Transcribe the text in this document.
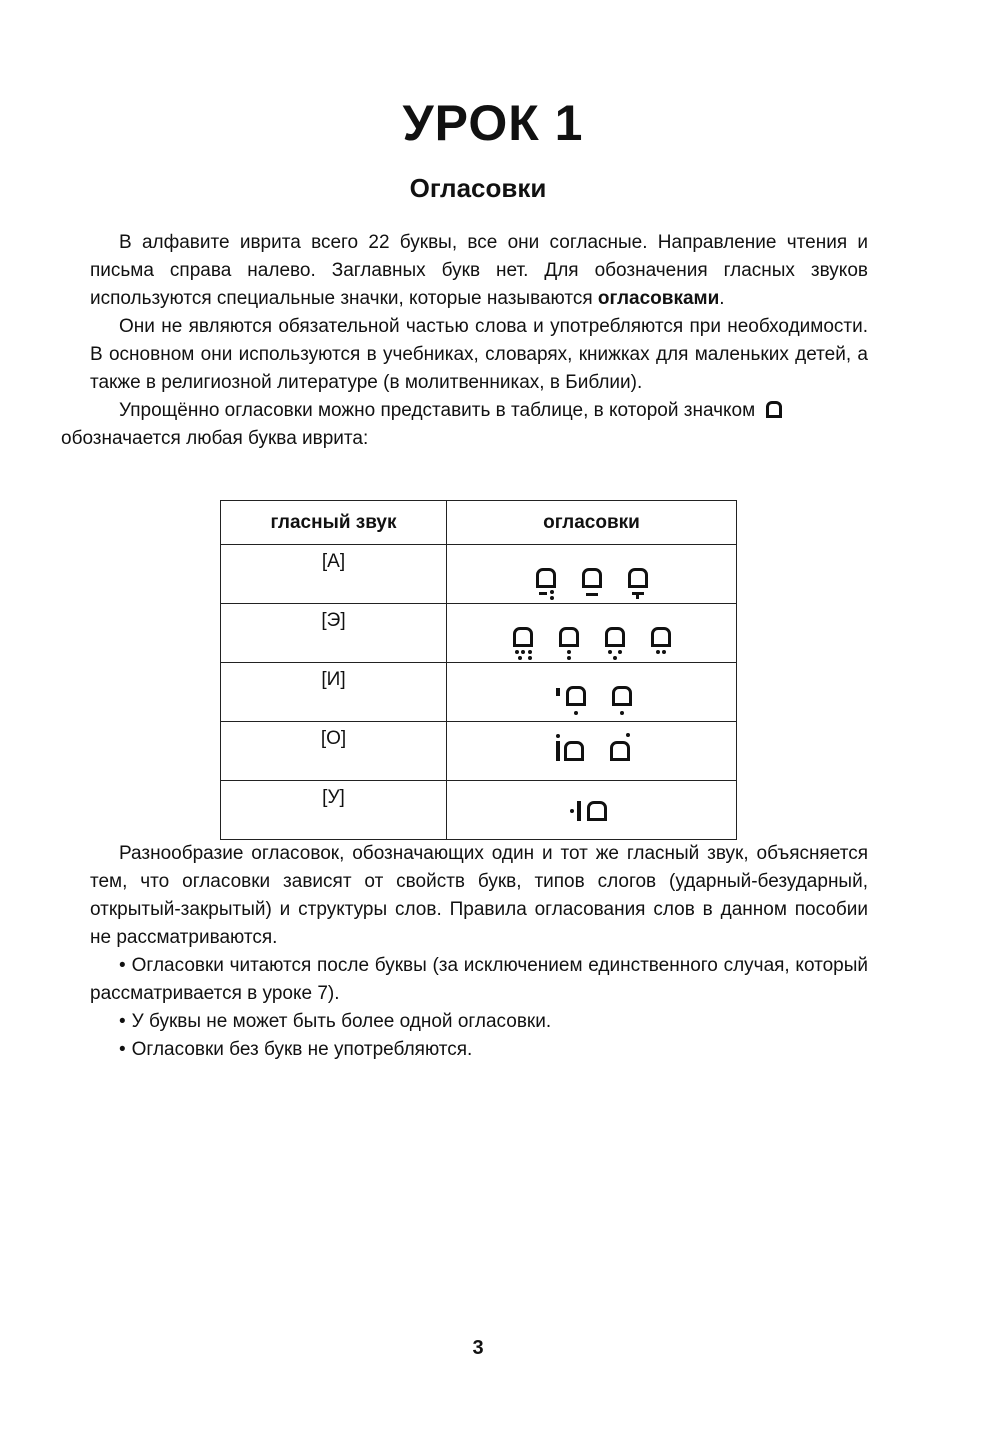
УРОК 1
Огласовки

В алфавите иврита всего 22 буквы, все они согласные. Направление чтения и письма справа налево. Заглавных букв нет. Для обозначения гласных звуков используются специальные значки, которые называются огласовками.

Они не являются обязательной частью слова и употребляются при необходимости. В основном они используются в учебниках, словарях, книжках для маленьких детей, а также в религиозной литературе (в молитвенниках, в Библии).

Упрощённо огласовки можно представить в таблице, в которой значком
обозначается любая буква иврита:

гласный звук	огласовки
[А]	

[Э]	

[И]	

[О]	

[У]	

Разнообразие огласовок, обозначающих один и тот же гласный звук, объясняется тем, что огласовки зависят от свойств букв, типов слогов (ударный-безударный, открытый-закрытый) и структуры слов. Правила огласования слов в данном пособии не рассматриваются.

• Огласовки читаются после буквы (за исключением единственного случая, который рассматривается в уроке 7).

• У буквы не может быть более одной огласовки.

• Огласовки без букв не употребляются.

3
